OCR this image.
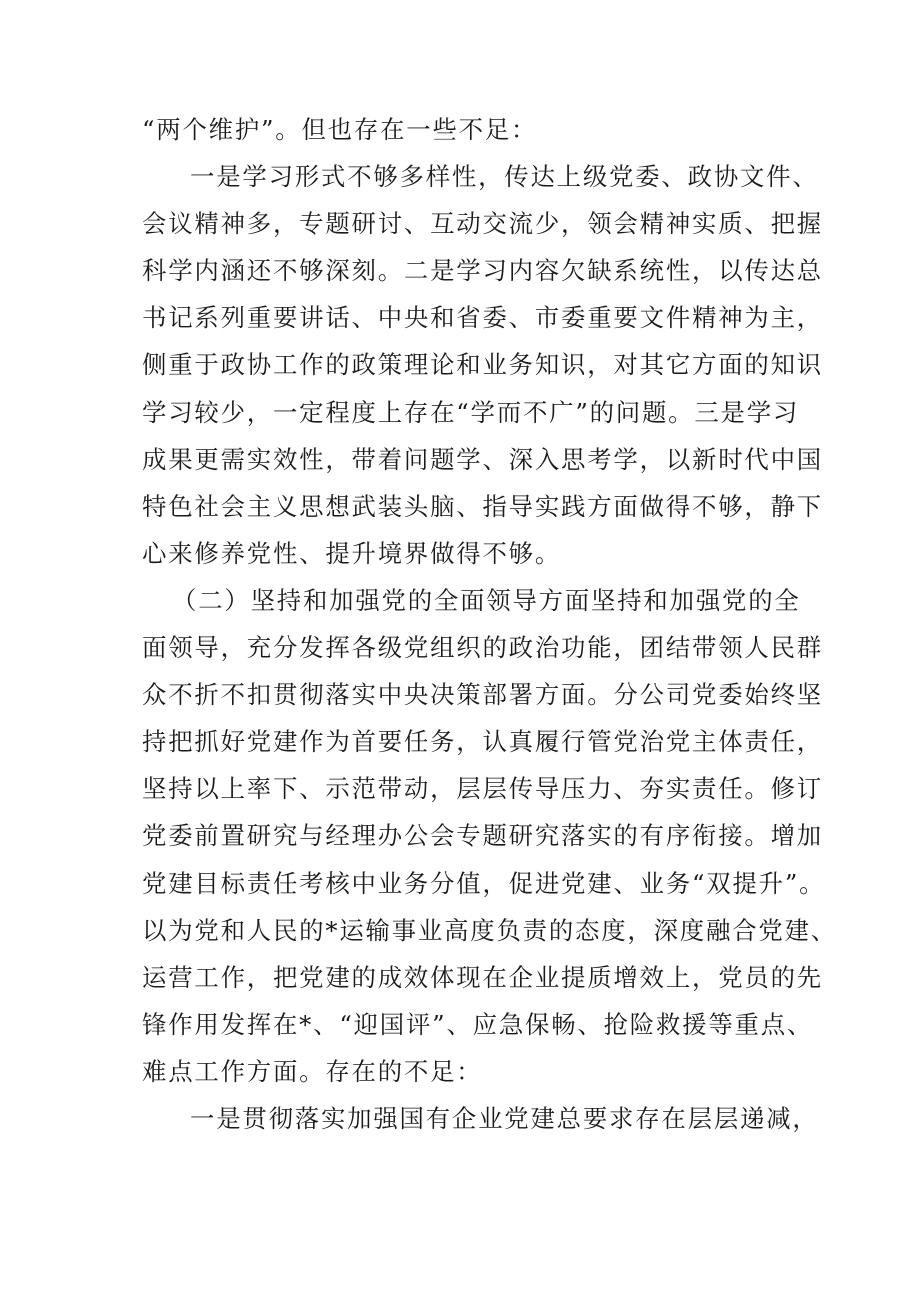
“两个维护”。但也存在一些不足：
一是学习形式不够多样性，传达上级党委、政协文件、
会议精神多，专题研讨、互动交流少，领会精神实质、把握
科学内涵还不够深刻。二是学习内容欠缺系统性，以传达总
书记系列重要讲话、中央和省委、市委重要文件精神为主，
侧重于政协工作的政策理论和业务知识，对其它方面的知识
学习较少，一定程度上存在“学而不广”的问题。三是学习
成果更需实效性，带着问题学、深入思考学，以新时代中国
特色社会主义思想武装头脑、指导实践方面做得不够，静下
心来修养党性、提升境界做得不够。
（二）坚持和加强党的全面领导方面坚持和加强党的全
面领导，充分发挥各级党组织的政治功能，团结带领人民群
众不折不扣贯彻落实中央决策部署方面。分公司党委始终坚
持把抓好党建作为首要任务，认真履行管党治党主体责任，
坚持以上率下、示范带动，层层传导压力、夯实责任。修订
党委前置研究与经理办公会专题研究落实的有序衔接。增加
党建目标责任考核中业务分值，促进党建、业务“双提升”。
以为党和人民的*运输事业高度负责的态度，深度融合党建、
运营工作，把党建的成效体现在企业提质增效上，党员的先
锋作用发挥在*、“迎国评”、应急保畅、抢险救援等重点、
难点工作方面。存在的不足：
一是贯彻落实加强国有企业党建总要求存在层层递减，
